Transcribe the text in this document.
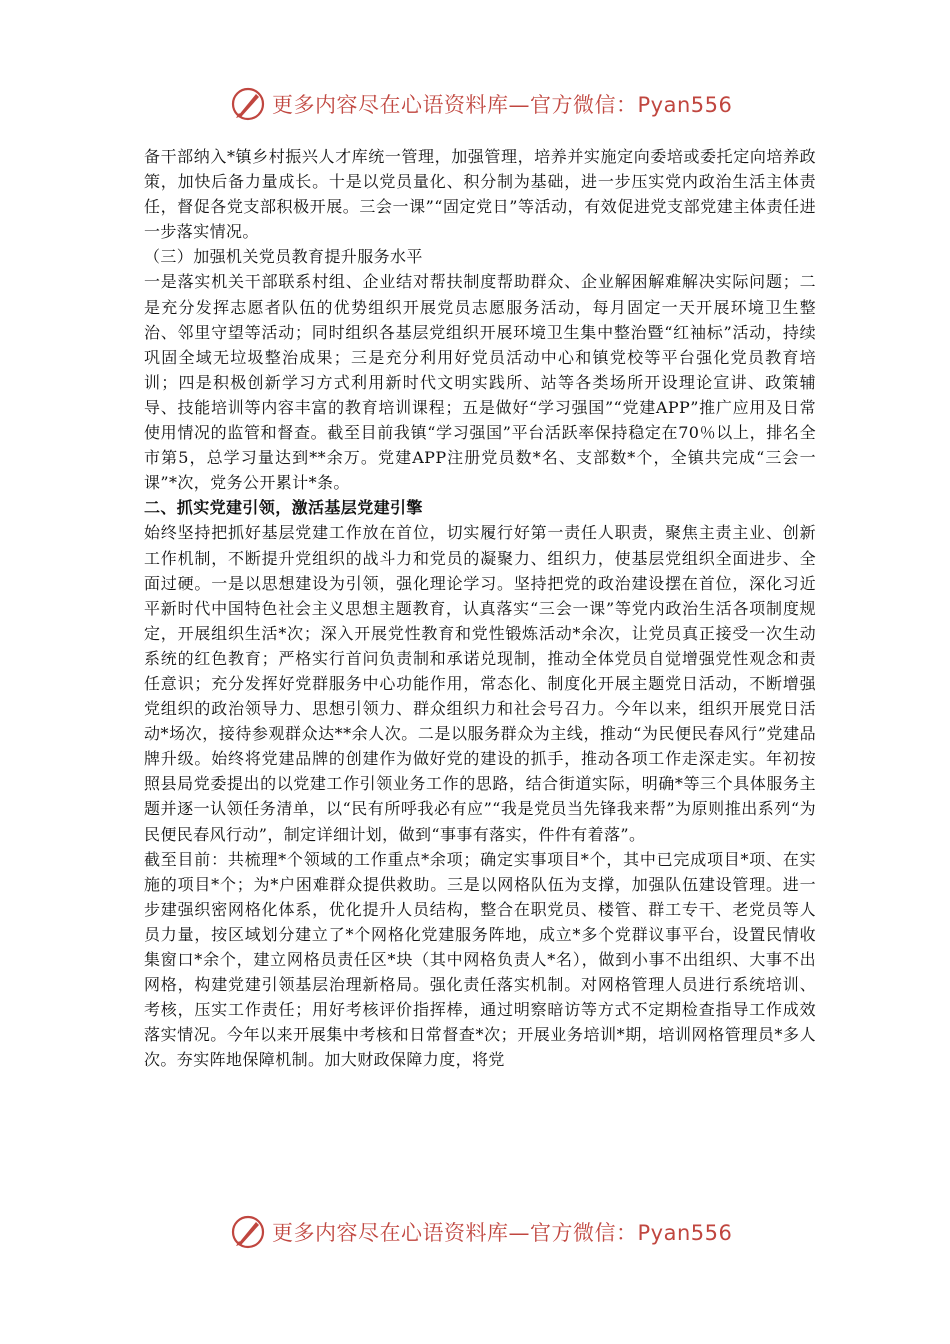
更多内容尽在心语资料库—官方微信：Pyan556

备干部纳入*镇乡村振兴人才库统一管理，加强管理，培养并实施定向委培或委托定向培养政策，加快后备力量成长。十是以党员量化、积分制为基础，进一步压实党内政治生活主体责任，督促各党支部积极开展。三会一课”“固定党日”等活动，有效促进党支部党建主体责任进一步落实情况。

（三）加强机关党员教育提升服务水平

一是落实机关干部联系村组、企业结对帮扶制度帮助群众、企业解困解难解决实际问题；二是充分发挥志愿者队伍的优势组织开展党员志愿服务活动，每月固定一天开展环境卫生整治、邻里守望等活动；同时组织各基层党组织开展环境卫生集中整治暨“红袖标”活动，持续巩固全域无垃圾整治成果；三是充分利用好党员活动中心和镇党校等平台强化党员教育培训；四是积极创新学习方式利用新时代文明实践所、站等各类场所开设理论宣讲、政策辅导、技能培训等内容丰富的教育培训课程；五是做好“学习强国”“党建APP”推广应用及日常使用情况的监管和督查。截至目前我镇“学习强国”平台活跃率保持稳定在70％以上，排名全市第5，总学习量达到**余万。党建APP注册党员数*名、支部数*个，全镇共完成“三会一课”*次，党务公开累计*条。

二、抓实党建引领，激活基层党建引擎

始终坚持把抓好基层党建工作放在首位，切实履行好第一责任人职责，聚焦主责主业、创新工作机制，不断提升党组织的战斗力和党员的凝聚力、组织力，使基层党组织全面进步、全面过硬。一是以思想建设为引领，强化理论学习。坚持把党的政治建设摆在首位，深化习近平新时代中国特色社会主义思想主题教育，认真落实“三会一课”等党内政治生活各项制度规定，开展组织生活*次；深入开展党性教育和党性锻炼活动*余次，让党员真正接受一次生动系统的红色教育；严格实行首问负责制和承诺兑现制，推动全体党员自觉增强党性观念和责任意识；充分发挥好党群服务中心功能作用，常态化、制度化开展主题党日活动，不断增强党组织的政治领导力、思想引领力、群众组织力和社会号召力。今年以来，组织开展党日活动*场次，接待参观群众达**余人次。二是以服务群众为主线，推动“为民便民春风行”党建品牌升级。始终将党建品牌的创建作为做好党的建设的抓手，推动各项工作走深走实。年初按照县局党委提出的以党建工作引领业务工作的思路，结合街道实际，明确*等三个具体服务主题并逐一认领任务清单，以“民有所呼我必有应”“我是党员当先锋我来帮”为原则推出系列“为民便民春风行动”，制定详细计划，做到“事事有落实，件件有着落”。

截至目前：共梳理*个领域的工作重点*余项；确定实事项目*个，其中已完成项目*项、在实施的项目*个；为*户困难群众提供救助。三是以网格队伍为支撑，加强队伍建设管理。进一步建强织密网格化体系，优化提升人员结构，整合在职党员、楼管、群工专干、老党员等人员力量，按区域划分建立了*个网格化党建服务阵地，成立*多个党群议事平台，设置民情收集窗口*余个，建立网格员责任区*块（其中网格负责人*名），做到小事不出组织、大事不出网格，构建党建引领基层治理新格局。强化责任落实机制。对网格管理人员进行系统培训、考核，压实工作责任；用好考核评价指挥棒，通过明察暗访等方式不定期检查指导工作成效落实情况。今年以来开展集中考核和日常督查*次；开展业务培训*期，培训网格管理员*多人次。夯实阵地保障机制。加大财政保障力度，将党

更多内容尽在心语资料库—官方微信：Pyan556
